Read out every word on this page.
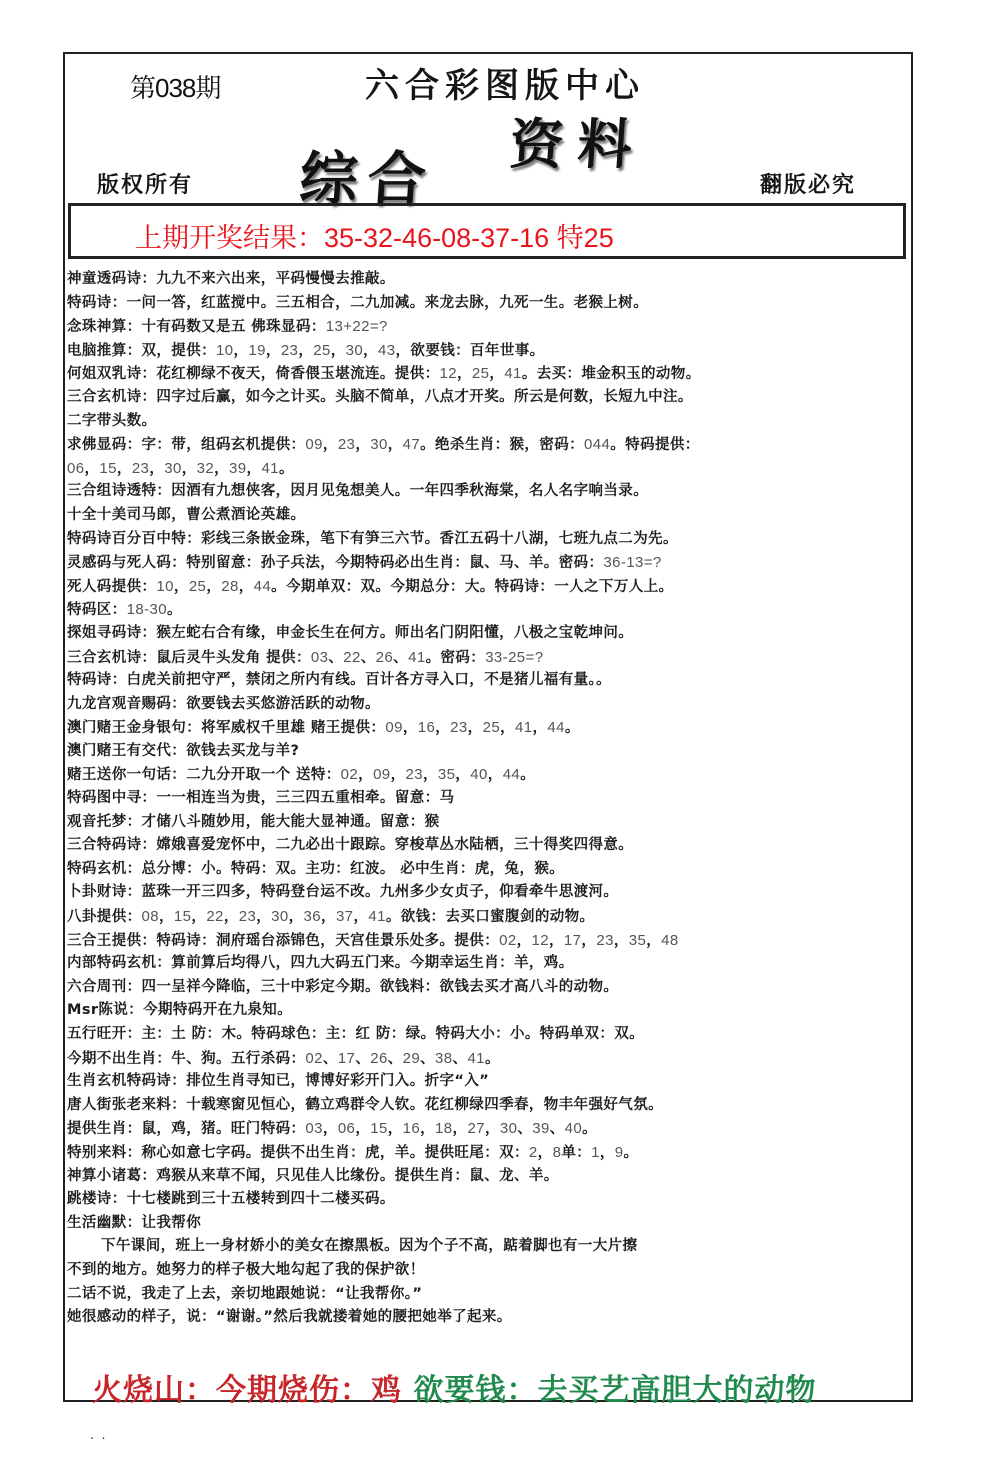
第038期	六合彩图版中心
综合
资料
版权所有	翻版必究
上期开奖结果：35-32-46-08-37-16 特25
神童透码诗：九九不来六出来，平码慢慢去推敲。
特码诗：一问一答，红蓝搅中。三五相合，二九加减。来龙去脉，九死一生。老猴上树。
念珠神算：十有码数又是五 佛珠显码：13+22=?
电脑推算：双，提供：10，19，23，25，30，43，欲要钱：百年世事。
何姐双乳诗：花红柳绿不夜天，倚香偎玉堪流连。提供：12，25，41。去买：堆金积玉的动物。
三合玄机诗：四字过后赢，如今之计买。头脑不简单，八点才开奖。所云是何数，长短九中注。
二字带头数。
求佛显码：字：带，组码玄机提供：09，23，30，47。绝杀生肖：猴，密码：044。特码提供：
06，15，23，30，32，39，41。
三合组诗透特：因酒有九想侠客，因月见兔想美人。一年四季秋海棠，名人名字响当录。
十全十美司马郎，曹公煮酒论英雄。
特码诗百分百中特：彩线三条嵌金珠，笔下有笋三六节。香江五码十八湖，七班九点二为先。
灵感码与死人码：特别留意：孙子兵法，今期特码必出生肖：鼠、马、羊。密码：36-13=?
死人码提供：10，25，28，44。今期单双：双。今期总分：大。特码诗：一人之下万人上。
特码区：18-30。
探姐寻码诗：猴左蛇右合有缘，申金长生在何方。师出名门阴阳懂，八极之宝乾坤问。
三合玄机诗：鼠后灵牛头发角 提供：03、22、26、41。密码：33-25=?
特码诗：白虎关前把守严，禁闭之所内有线。百计各方寻入口，不是猪儿福有量。。
九龙宫观音赐码：欲要钱去买悠游活跃的动物。
澳门赌王金身银句：将军威权千里雄 赌王提供：09，16，23，25，41，44。
澳门赌王有交代：欲钱去买龙与羊?
赌王送你一句话：二九分开取一个 送特：02，09，23，35，40，44。
特码图中寻：一一相连当为贵，三三四五重相牵。留意：马
观音托梦：才储八斗随妙用，能大能大显神通。留意：猴
三合特码诗：嫦娥喜爱宠怀中，二九必出十跟踪。穿梭草丛水陆栖，三十得奖四得意。
特码玄机：总分博：小。特码：双。主功：红波。 必中生肖：虎，兔，猴。
卜卦财诗：蓝珠一开三四多，特码登台运不改。九州多少女贞子，仰看牵牛思渡河。
八卦提供：08，15，22，23，30，36，37，41。欲钱：去买口蜜腹剑的动物。
三合王提供：特码诗：洞府瑶台添锦色，天宫佳景乐处多。提供：02，12，17，23，35，48
内部特码玄机：算前算后均得八，四九大码五门来。今期幸运生肖：羊，鸡。
六合周刊：四一呈祥今降临，三十中彩定今期。欲钱料：欲钱去买才高八斗的动物。
Msr陈说：今期特码开在九泉知。
五行旺开：主：土 防：木。特码球色：主：红 防：绿。特码大小：小。特码单双：双。
今期不出生肖：牛、狗。五行杀码：02、17、26、29、38、41。
生肖玄机特码诗：排位生肖寻知已，博博好彩开门入。折字“入”
唐人街张老来料：十载寒窗见恒心，鹤立鸡群令人钦。花红柳绿四季春，物丰年强好气氛。
提供生肖：鼠，鸡，猪。旺门特码：03，06，15，16，18，27，30、39、40。
特别来料：称心如意七字码。提供不出生肖：虎，羊。提供旺尾：双：2，8单：1，9。
神算小诸葛：鸡猴从来草不闻，只见佳人比缘份。提供生肖：鼠、龙、羊。
跳楼诗：十七楼跳到三十五楼转到四十二楼买码。
生活幽默：让我帮你
下午课间，班上一身材娇小的美女在擦黑板。因为个子不高，踮着脚也有一大片擦
不到的地方。她努力的样子极大地勾起了我的保护欲！
二话不说，我走了上去，亲切地跟她说：“让我帮你。”
她很感动的样子，说：“谢谢。”然后我就搂着她的腰把她举了起来。
火烧山：今期烧伤：鸡 欲要钱：去买艺高胆大的动物
. .
